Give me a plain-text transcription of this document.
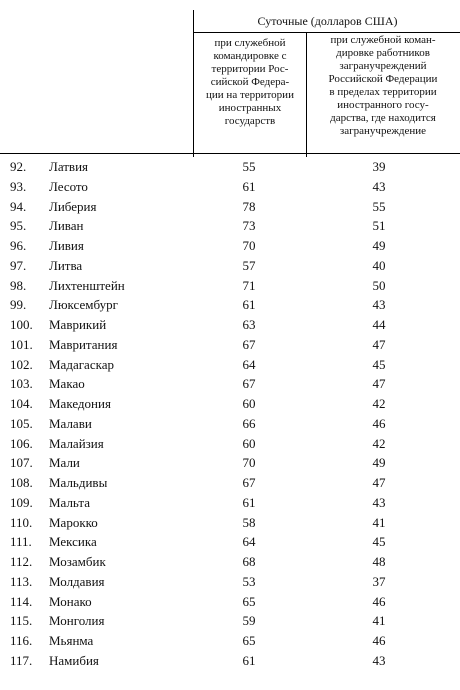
Суточные (долларов США)
при служебной
командировке с
территории Рос-
сийской Федера-
ции на территории
иностранных
государств
при служебной коман-
дировке работников
загранучреждений
Российской Федерации
в пределах территории
иностранного госу-
дарства, где находится
загранучреждение
92. Латвия	55	39
93. Лесото	61	43
94. Либерия	78	55
95. Ливан	73	51
96. Ливия	70	49
97. Литва	57	40
98. Лихтенштейн	71	50
99. Люксембург	61	43
100. Маврикий	63	44
101. Мавритания	67	47
102. Мадагаскар	64	45
103. Макао	67	47
104. Македония	60	42
105. Малави	66	46
106. Малайзия	60	42
107. Мали	70	49
108. Мальдивы	67	47
109. Мальта	61	43
110. Марокко	58	41
111. Мексика	64	45
112. Мозамбик	68	48
113. Молдавия	53	37
114. Монако	65	46
115. Монголия	59	41
116. Мьянма	65	46
117. Намибия	61	43
